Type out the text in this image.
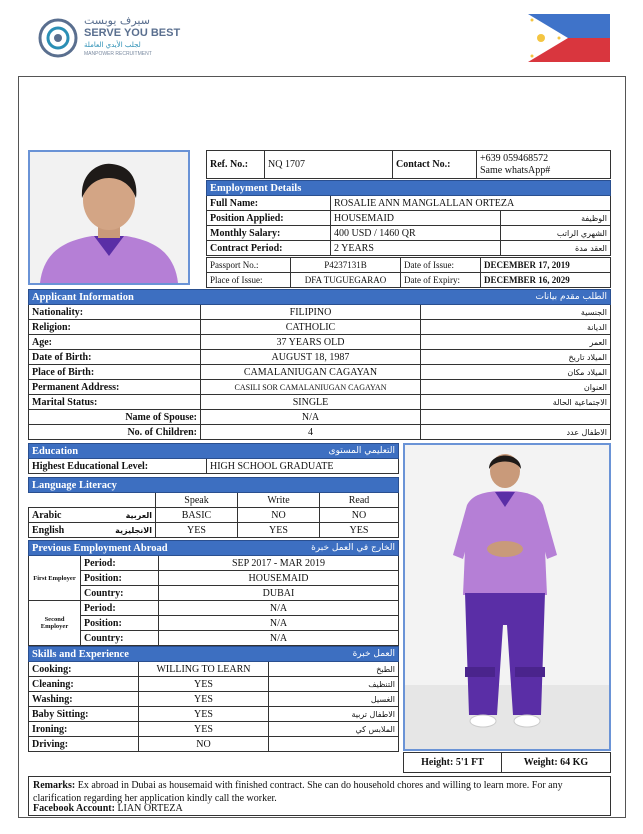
سيرف يوبست
SERVE YOU BEST
لجلب الأيدي العاملة
MANPOWER RECRUITMENT
Ref. No.:	NQ 1707	Contact No.:	
+639 059468572
Same whatsApp#
Employment Details		
Full Name:	ROSALIE ANN MANGLALLAN ORTEZA	
Position Applied:	HOUSEMAID	الوظيفة
Monthly Salary:	400 USD / 1460 QR	الشهري الراتب
Contract Period:	2 YEARS	العقد مدة
Passport No.:	P4237131B	Date of Issue:	DECEMBER 17, 2019
Place of Issue:	DFA TUGUEGARAO	Date of Expiry:	DECEMBER 16, 2029
Applicant Information الطلب مقدم بيانات		

Nationality:	FILIPINO	الجنسية
Religion:	CATHOLIC	الديانة
Age:	37 YEARS OLD	العمر
Date of Birth:	AUGUST 18, 1987	الميلاد تاريخ
Place of Birth:	CAMALANIUGAN CAGAYAN	الميلاد مكان
Permanent Address:	CASILI SOR CAMALANIUGAN CAGAYAN	العنوان
Marital Status:	SINGLE	الاجتماعية الحالة
Name of Spouse:	N/A	
No. of Children:	4	الاطفال عدد
Education	التعليمي المستوى

Highest Educational Level:	HIGH SCHOOL GRADUATE
Language Literacy			
	Speak	Write	Read
Arabic العربية	BASIC	NO	NO
English الانجليزية	YES	YES	YES
Previous Employment Abroad الخارج في العمل خبرة		

First Employer	Period:	SEP 2017 - MAR 2019
	Position:	HOUSEMAID
	Country:	DUBAI
Second Employer	Period:	N/A
	Position:	N/A
	Country:	N/A
Skills and Experience العمل خبرة		

Cooking:	WILLING TO LEARN	الطبخ
Cleaning:	YES	التنظيف
Washing:	YES	الغسيل
Baby Sitting:	YES	الاطفال تربية
Ironing:	YES	الملابس كي
Driving:	NO	
Height: 5'1 FT	Weight: 64 KG
Remarks: Ex abroad in Dubai as housemaid with finished contract. She can do household chores and willing to learn more. For any clarification regarding her application kindly call the worker.
Facebook Account: LIAN ORTEZA
